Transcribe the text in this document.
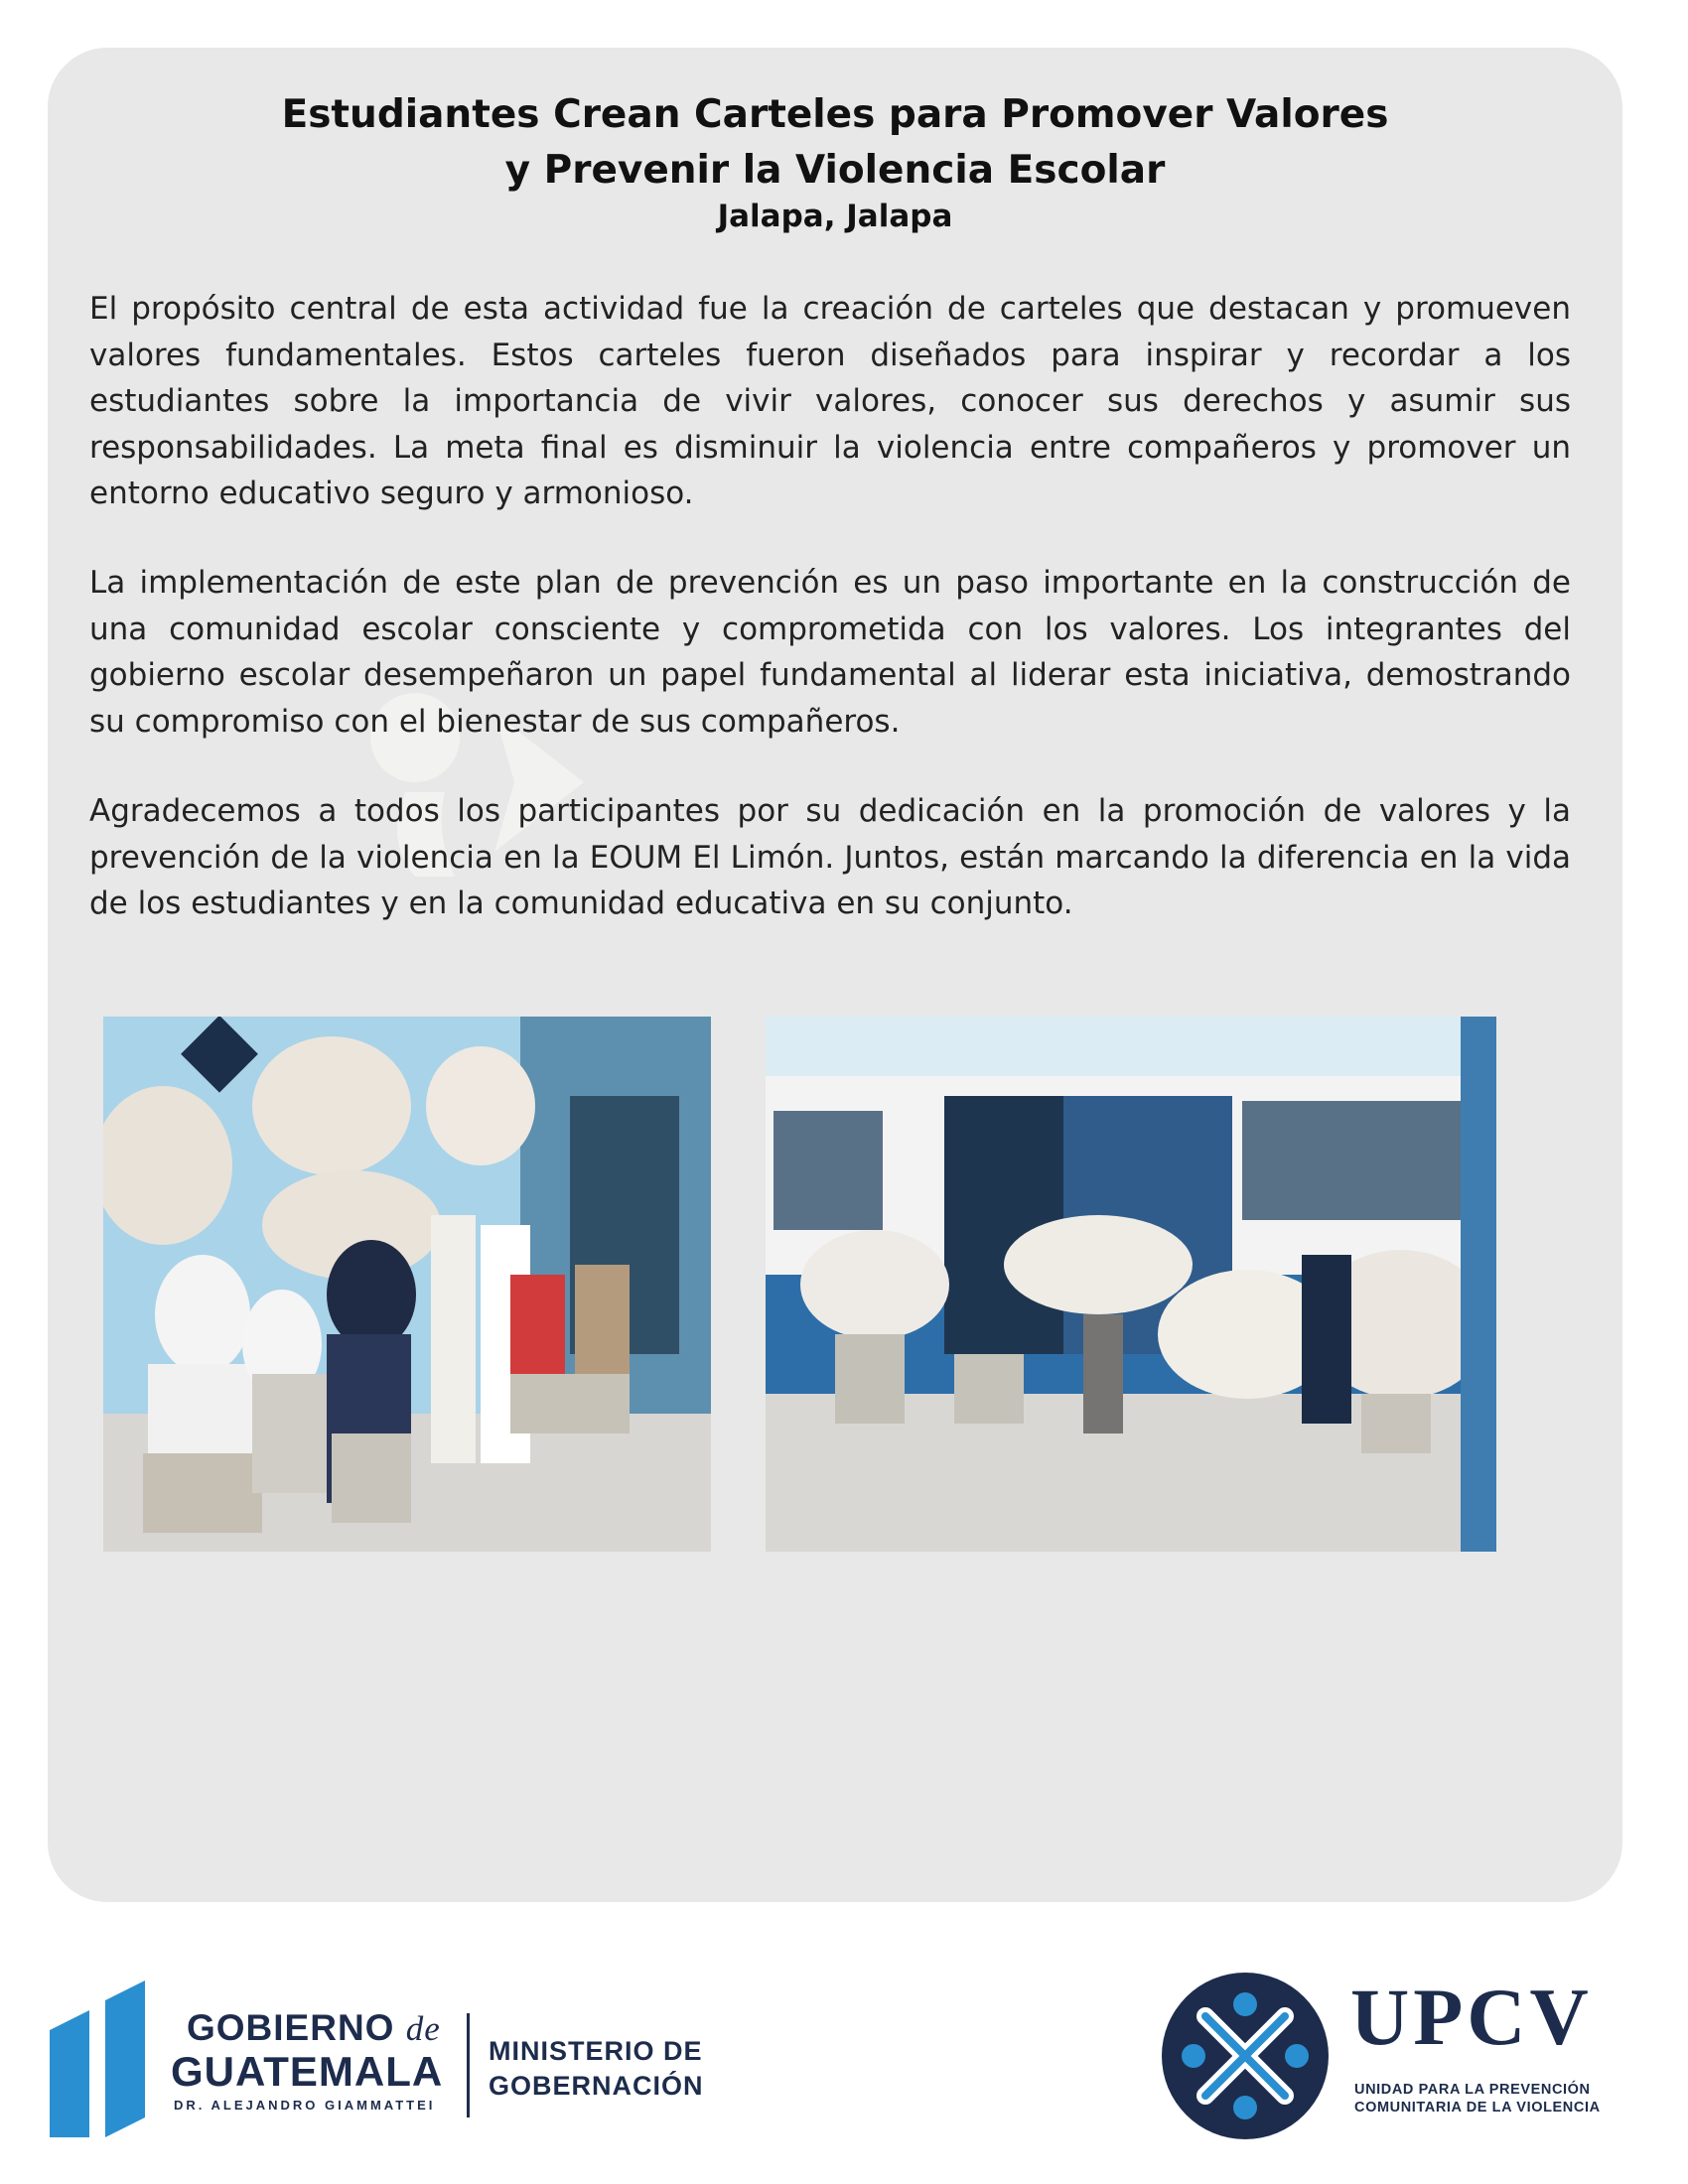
Estudiantes Crean Carteles para Promover Valores
y Prevenir la Violencia Escolar
Jalapa, Jalapa

El propósito central de esta actividad fue la creación de carteles que destacan y promueven valores fundamentales. Estos carteles fueron diseñados para inspirar y recordar a los estudiantes sobre la importancia de vivir valores, conocer sus derechos y asumir sus responsabilidades. La meta final es disminuir la violencia entre compañeros y promover un entorno educativo seguro y armonioso.

La implementación de este plan de prevención es un paso importante en la construcción de una comunidad escolar consciente y comprometida con los valores. Los integrantes del gobierno escolar desempeñaron un papel fundamental al liderar esta iniciativa, demostrando su compromiso con el bienestar de sus compañeros.

Agradecemos a todos los participantes por su dedicación en la promoción de valores y la prevención de la violencia en la EOUM El Limón. Juntos, están marcando la diferencia en la vida de los estudiantes y en la comunidad educativa en su conjunto.

GOBIERNO de
GUATEMALA
DR. ALEJANDRO GIAMMATTEI
MINISTERIO DE
GOBERNACIÓN
UPCV
UNIDAD PARA LA PREVENCIÓN
COMUNITARIA DE LA VIOLENCIA
